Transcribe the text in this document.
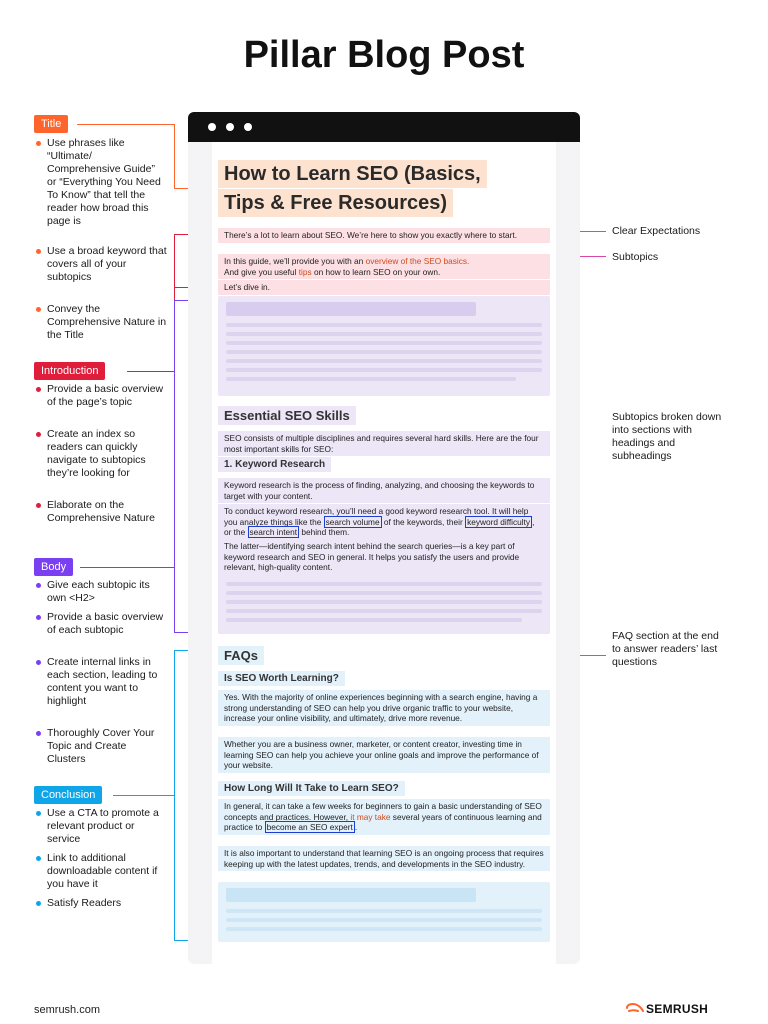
Pillar Blog Post
Title
Use phrases like “Ultimate/ Comprehensive Guide” or “Everything You Need To Know” that tell the reader how broad this page is
Use a broad keyword that covers all of your subtopics
Convey the Comprehensive Nature in the Title
Introduction
Provide a basic overview of the page’s topic
Create an index so readers can quickly navigate to subtopics they’re looking for
Elaborate on the Comprehensive Nature
Body
Give each subtopic its own <H2>
Provide a basic overview of each subtopic
Create internal links in each section, leading to content you want to highlight
Thoroughly Cover Your Topic and Create Clusters
Conclusion
Use a CTA to promote a relevant product or service
Link to additional downloadable content if you have it
Satisfy Readers
Clear Expectations
Subtopics
Subtopics broken down into sections with headings and subheadings
FAQ section at the end to answer readers’ last questions
How to Learn SEO (Basics,
Tips & Free Resources)
There’s a lot to learn about SEO. We’re here to show you exactly where to start.
In this guide, we’ll provide you with an overview of the SEO basics.
And give you useful tips on how to learn SEO on your own.
Let’s dive in.
Essential SEO Skills
SEO consists of multiple disciplines and requires several hard skills. Here are the four most important skills for SEO:
1. Keyword Research
Keyword research is the process of finding, analyzing, and choosing the keywords to target with your content.
To conduct keyword research, you’ll need a good keyword research tool. It will help you analyze things like the search volume of the keywords, their keyword difficulty , or the search intent behind them.
The latter—identifying search intent behind the search queries—is a key part of keyword research and SEO in general. It helps you satisfy the users and provide relevant, high-quality content.
FAQs
Is SEO Worth Learning?
Yes. With the majority of online experiences beginning with a search engine, having a strong understanding of SEO can help you drive organic traffic to your website, increase your online visibility, and ultimately, drive more revenue.
Whether you are a business owner, marketer, or content creator, investing time in learning SEO can help you achieve your online goals and improve the performance of your website.
How Long Will It Take to Learn SEO?
In general, it can take a few weeks for beginners to gain a basic understanding of SEO concepts and practices. However, it may take several years of continuous learning and practice to become an SEO expert .
It is also important to understand that learning SEO is an ongoing process that requires keeping up with the latest updates, trends, and developments in the SEO industry.
semrush.com	SEMRUSH
